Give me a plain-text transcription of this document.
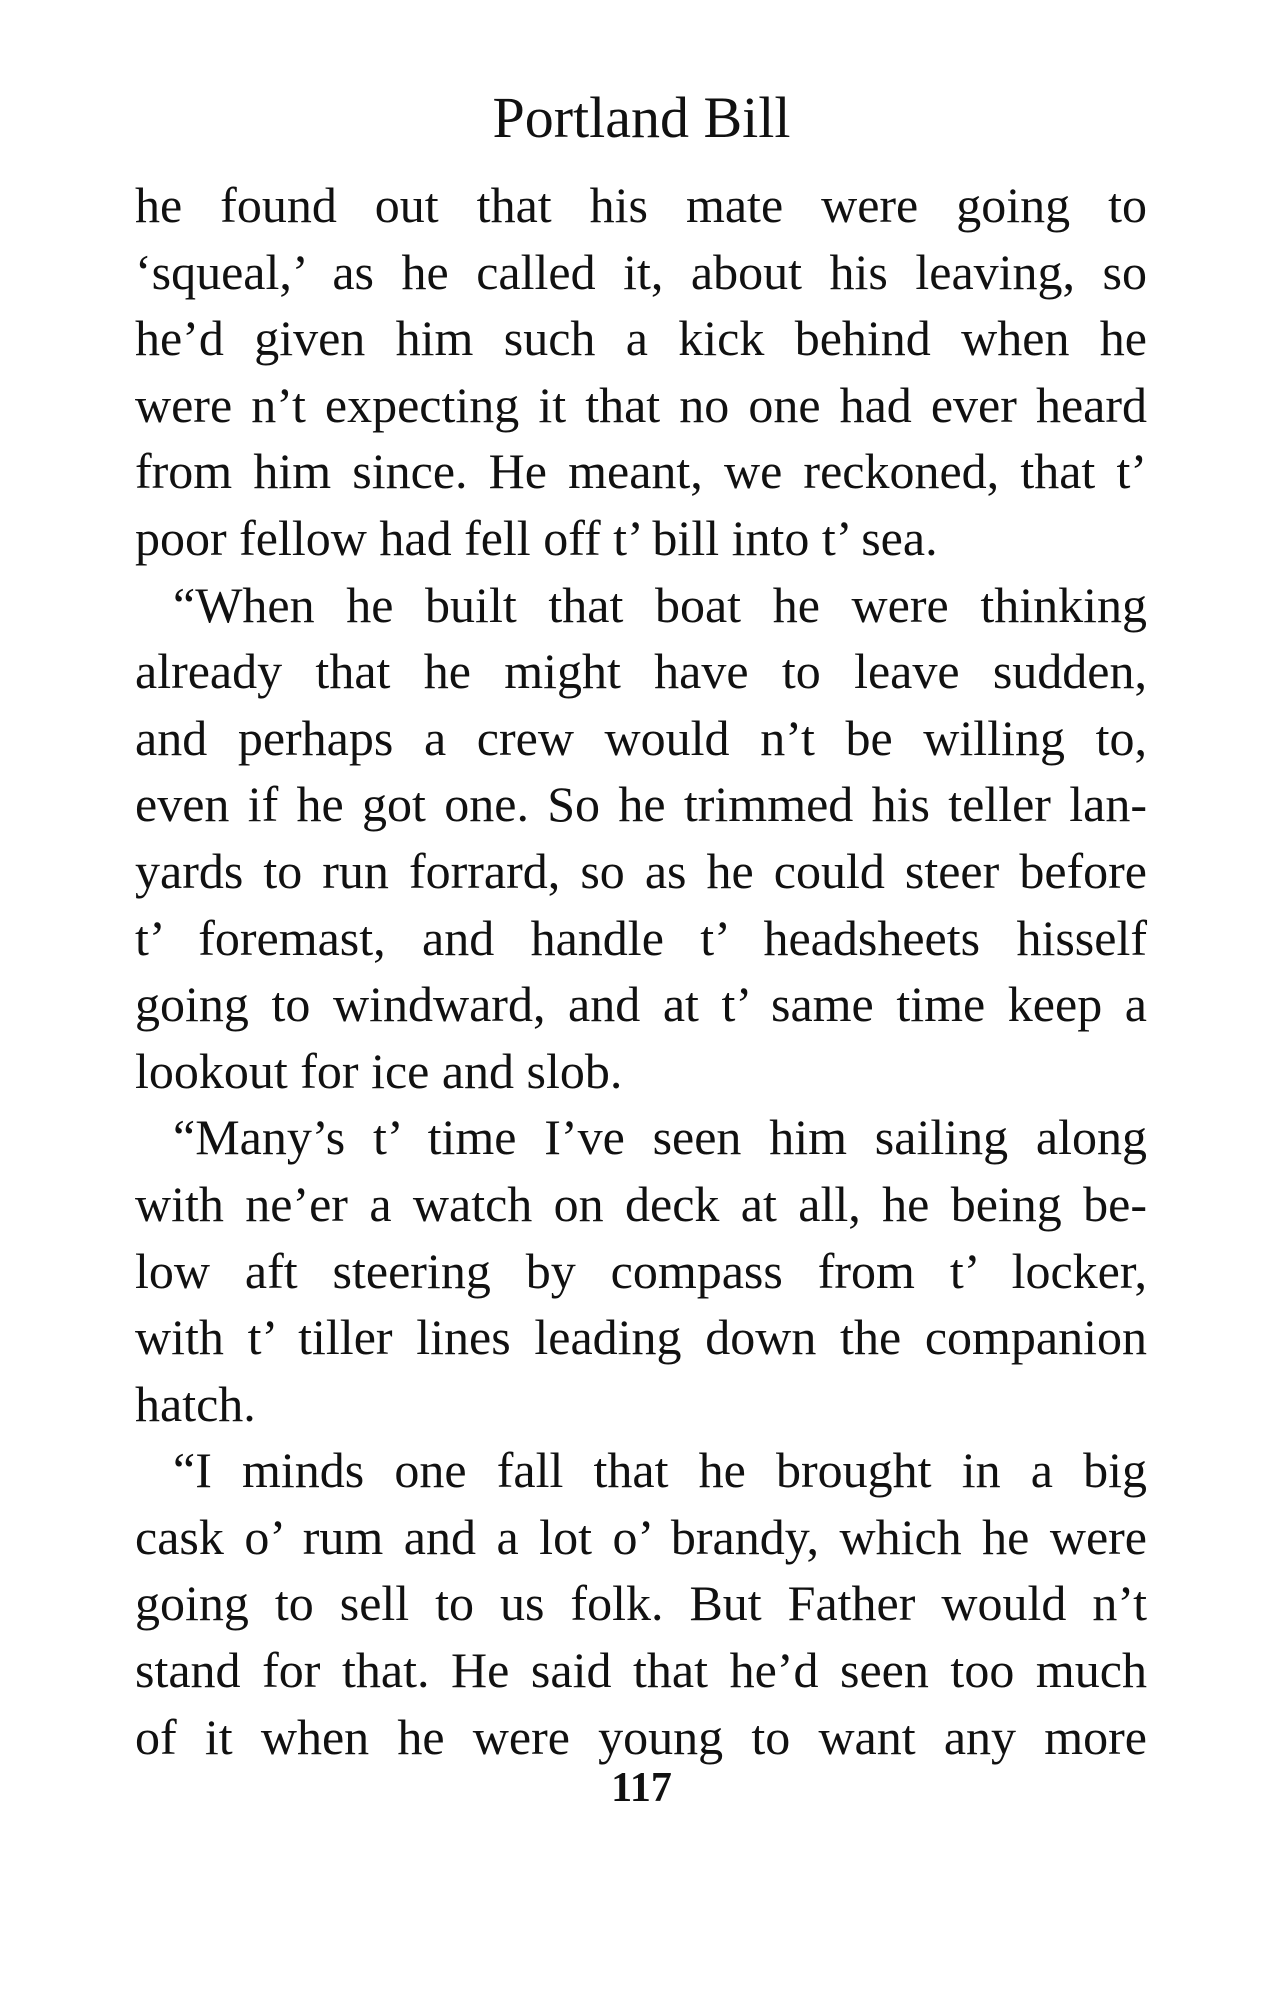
Portland Bill
he found out that his mate were going to
‘squeal,’ as he called it, about his leaving, so
he’d given him such a kick behind when he
were n’t expecting it that no one had ever heard
from him since. He meant, we reckoned, that t’
poor fellow had fell off t’ bill into t’ sea.
“When he built that boat he were thinking
already that he might have to leave sudden,
and perhaps a crew would n’t be willing to,
even if he got one. So he trimmed his teller lan-
yards to run forrard, so as he could steer before
t’ foremast, and handle t’ headsheets hisself
going to windward, and at t’ same time keep a
lookout for ice and slob.
“Many’s t’ time I’ve seen him sailing along
with ne’er a watch on deck at all, he being be-
low aft steering by compass from t’ locker,
with t’ tiller lines leading down the companion
hatch.
“I minds one fall that he brought in a big
cask o’ rum and a lot o’ brandy, which he were
going to sell to us folk. But Father would n’t
stand for that. He said that he’d seen too much
of it when he were young to want any more
117
